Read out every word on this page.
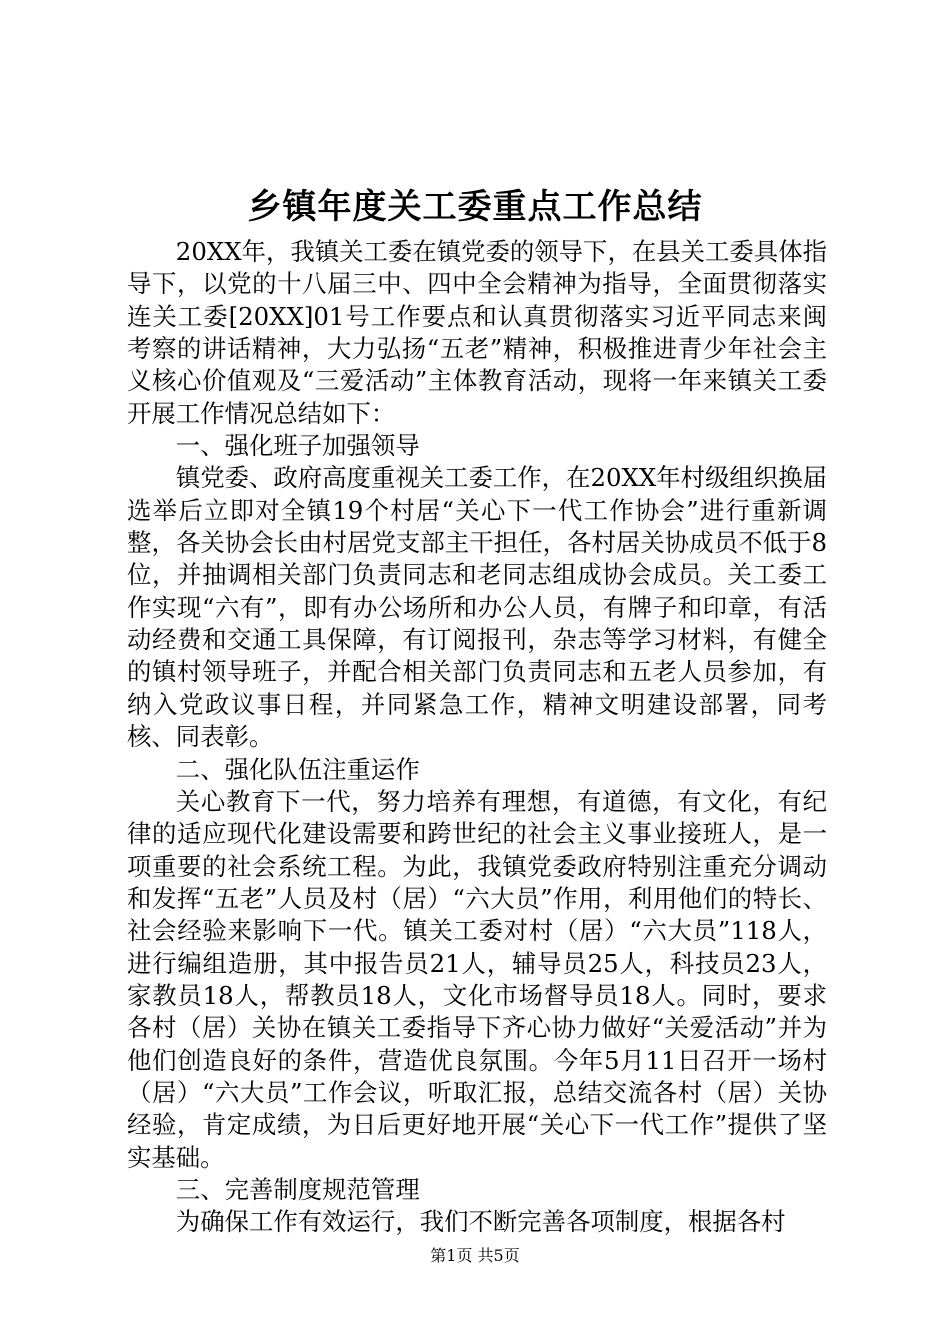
乡镇年度关工委重点工作总结

20XX年，我镇关工委在镇党委的领导下，在县关工委具体指导下，以党的十八届三中、四中全会精神为指导，全面贯彻落实连关工委[20XX]01号工作要点和认真贯彻落实习近平同志来闽考察的讲话精神，大力弘扬“五老”精神，积极推进青少年社会主义核心价值观及“三爱活动”主体教育活动，现将一年来镇关工委开展工作情况总结如下：

一、强化班子加强领导

镇党委、政府高度重视关工委工作，在20XX年村级组织换届选举后立即对全镇19个村居“关心下一代工作协会”进行重新调整，各关协会长由村居党支部主干担任，各村居关协成员不低于8位，并抽调相关部门负责同志和老同志组成协会成员。关工委工作实现“六有”，即有办公场所和办公人员，有牌子和印章，有活动经费和交通工具保障，有订阅报刊，杂志等学习材料，有健全的镇村领导班子，并配合相关部门负责同志和五老人员参加，有纳入党政议事日程，并同紧急工作，精神文明建设部署，同考核、同表彰。

二、强化队伍注重运作

关心教育下一代，努力培养有理想，有道德，有文化，有纪律的适应现代化建设需要和跨世纪的社会主义事业接班人，是一项重要的社会系统工程。为此，我镇党委政府特别注重充分调动和发挥“五老”人员及村（居）“六大员”作用，利用他们的特长、社会经验来影响下一代。镇关工委对村（居）“六大员”118人，进行编组造册，其中报告员21人，辅导员25人，科技员23人，家教员18人，帮教员18人，文化市场督导员18人。同时，要求各村（居）关协在镇关工委指导下齐心协力做好“关爱活动”并为他们创造良好的条件，营造优良氛围。今年5月11日召开一场村（居）“六大员”工作会议，听取汇报，总结交流各村（居）关协经验，肯定成绩，为日后更好地开展“关心下一代工作”提供了坚实基础。

三、完善制度规范管理

为确保工作有效运行，我们不断完善各项制度，根据各村

第1页 共5页
